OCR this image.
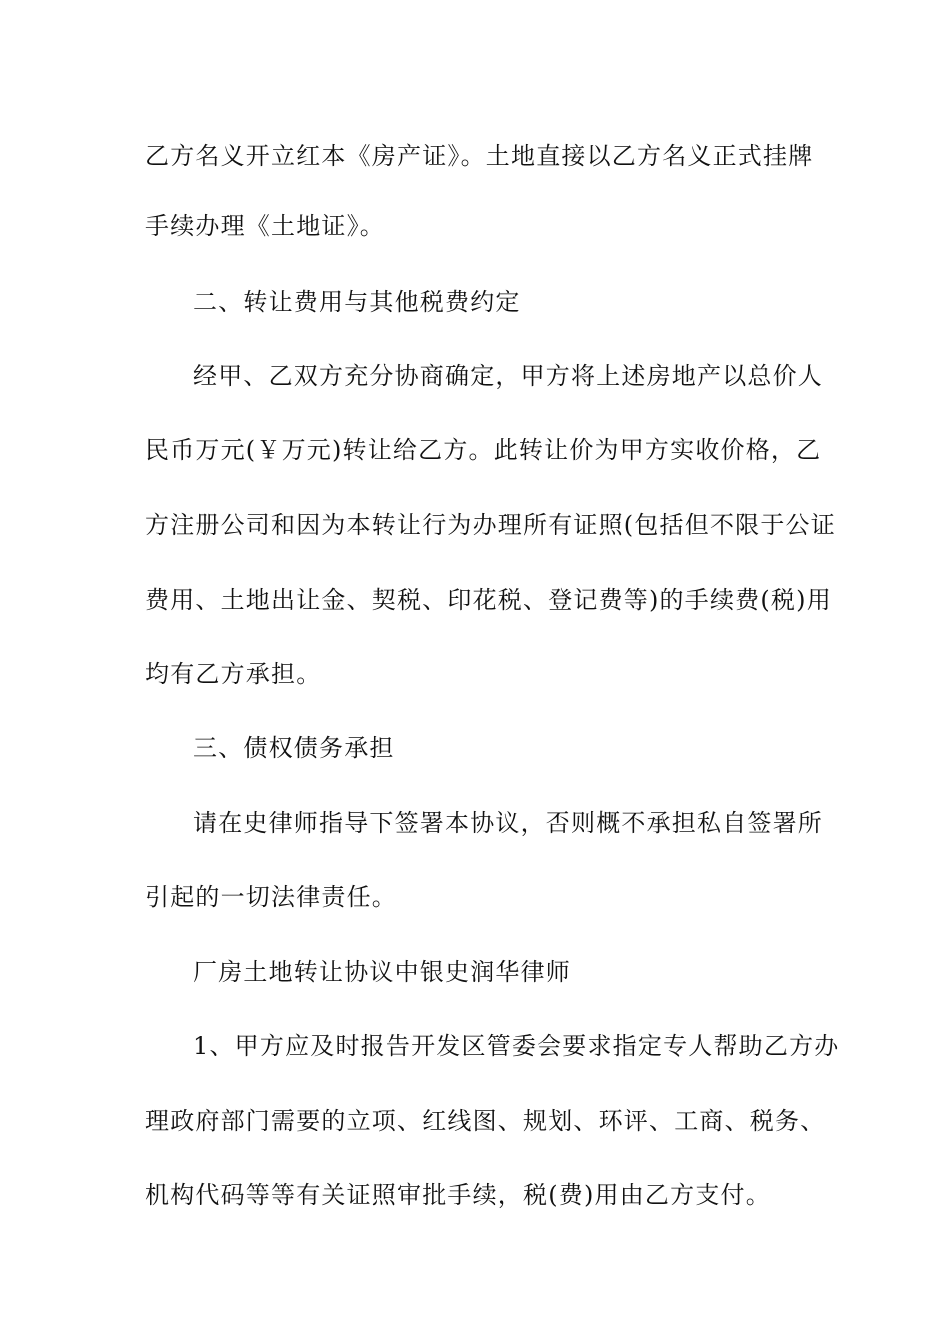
乙方名义开立红本《房产证》。土地直接以乙方名义正式挂牌
手续办理《土地证》。
二、转让费用与其他税费约定
经甲、乙双方充分协商确定，甲方将上述房地产以总价人
民币万元(￥万元)转让给乙方。此转让价为甲方实收价格，乙
方注册公司和因为本转让行为办理所有证照(包括但不限于公证
费用、土地出让金、契税、印花税、登记费等)的手续费(税)用
均有乙方承担。
三、债权债务承担
请在史律师指导下签署本协议，否则概不承担私自签署所
引起的一切法律责任。
厂房土地转让协议中银史润华律师
1、甲方应及时报告开发区管委会要求指定专人帮助乙方办
理政府部门需要的立项、红线图、规划、环评、工商、税务、
机构代码等等有关证照审批手续，税(费)用由乙方支付。
